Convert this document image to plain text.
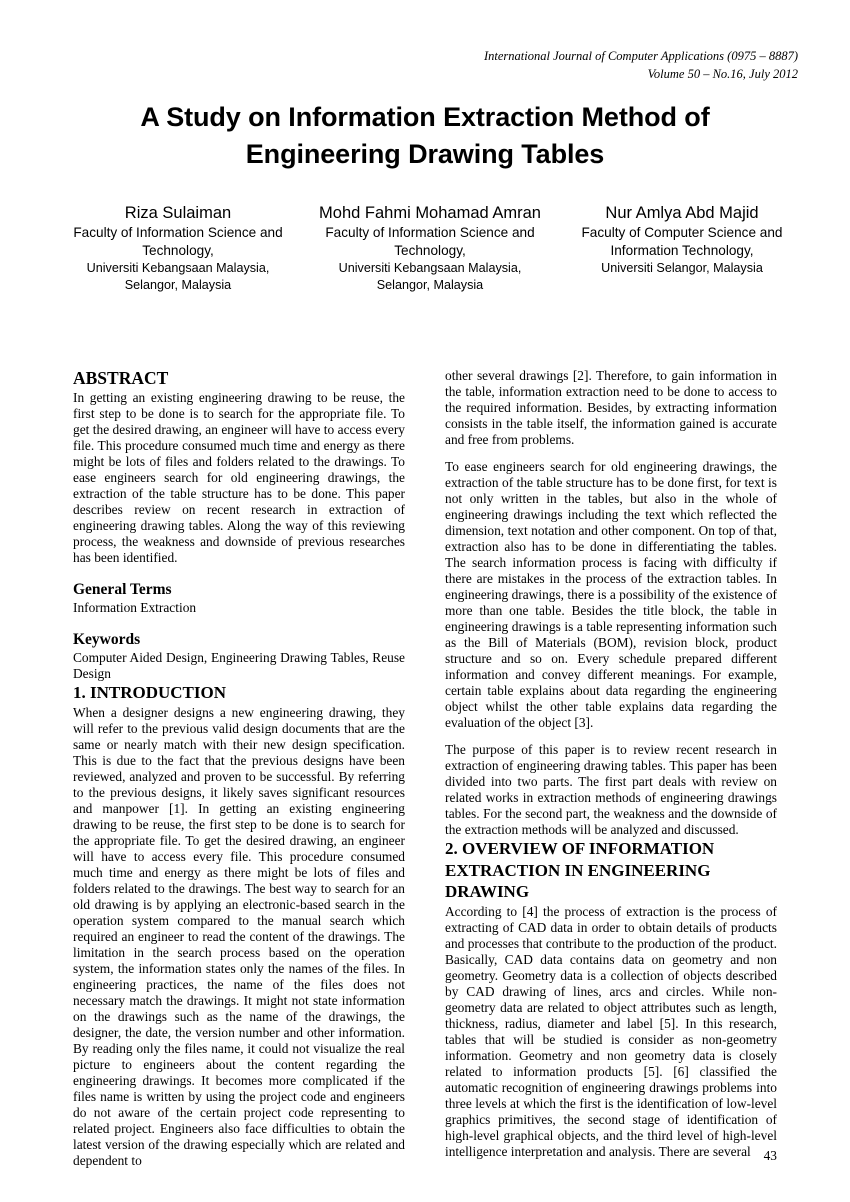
International Journal of Computer Applications (0975 – 8887)
Volume 50 – No.16, July 2012
A Study on Information Extraction Method of
Engineering Drawing Tables
Riza Sulaiman
Faculty of Information Science and Technology,
Universiti Kebangsaan Malaysia, Selangor, Malaysia
Mohd Fahmi Mohamad Amran
Faculty of Information Science and Technology,
Universiti Kebangsaan Malaysia, Selangor, Malaysia
Nur Amlya Abd Majid
Faculty of Computer Science and Information Technology,
Universiti Selangor, Malaysia
ABSTRACT

In getting an existing engineering drawing to be reuse, the first step to be done is to search for the appropriate file. To get the desired drawing, an engineer will have to access every file. This procedure consumed much time and energy as there might be lots of files and folders related to the drawings. To ease engineers search for old engineering drawings, the extraction of the table structure has to be done. This paper describes review on recent research in extraction of engineering drawing tables. Along the way of this reviewing process, the weakness and downside of previous researches has been identified.

General Terms

Information Extraction

Keywords

Computer Aided Design, Engineering Drawing Tables, Reuse Design

1. INTRODUCTION

When a designer designs a new engineering drawing, they will refer to the previous valid design documents that are the same or nearly match with their new design specification. This is due to the fact that the previous designs have been reviewed, analyzed and proven to be successful. By referring to the previous designs, it likely saves significant resources and manpower [1]. In getting an existing engineering drawing to be reuse, the first step to be done is to search for the appropriate file. To get the desired drawing, an engineer will have to access every file. This procedure consumed much time and energy as there might be lots of files and folders related to the drawings. The best way to search for an old drawing is by applying an electronic-based search in the operation system compared to the manual search which required an engineer to read the content of the drawings. The limitation in the search process based on the operation system, the information states only the names of the files. In engineering practices, the name of the files does not necessary match the drawings. It might not state information on the drawings such as the name of the drawings, the designer, the date, the version number and other information. By reading only the files name, it could not visualize the real picture to engineers about the content regarding the engineering drawings. It becomes more complicated if the files name is written by using the project code and engineers do not aware of the certain project code representing to related project. Engineers also face difficulties to obtain the latest version of the drawing especially which are related and dependent to

other several drawings [2]. Therefore, to gain information in the table, information extraction need to be done to access to the required information. Besides, by extracting information consists in the table itself, the information gained is accurate and free from problems.

To ease engineers search for old engineering drawings, the extraction of the table structure has to be done first, for text is not only written in the tables, but also in the whole of engineering drawings including the text which reflected the dimension, text notation and other component. On top of that, extraction also has to be done in differentiating the tables. The search information process is facing with difficulty if there are mistakes in the process of the extraction tables. In engineering drawings, there is a possibility of the existence of more than one table. Besides the title block, the table in engineering drawings is a table representing information such as the Bill of Materials (BOM), revision block, product structure and so on. Every schedule prepared different information and convey different meanings. For example, certain table explains about data regarding the engineering object whilst the other table explains data regarding the evaluation of the object [3].

The purpose of this paper is to review recent research in extraction of engineering drawing tables. This paper has been divided into two parts. The first part deals with review on related works in extraction methods of engineering drawings tables. For the second part, the weakness and the downside of the extraction methods will be analyzed and discussed.

2. OVERVIEW OF INFORMATION EXTRACTION IN ENGINEERING DRAWING

According to [4] the process of extraction is the process of extracting of CAD data in order to obtain details of products and processes that contribute to the production of the product. Basically, CAD data contains data on geometry and non geometry. Geometry data is a collection of objects described by CAD drawing of lines, arcs and circles. While non-geometry data are related to object attributes such as length, thickness, radius, diameter and label [5]. In this research, tables that will be studied is consider as non-geometry information. Geometry and non geometry data is closely related to information products [5]. [6] classified the automatic recognition of engineering drawings problems into three levels at which the first is the identification of low-level graphics primitives, the second stage of identification of high-level graphical objects, and the third level of high-level intelligence interpretation and analysis. There are several 43
